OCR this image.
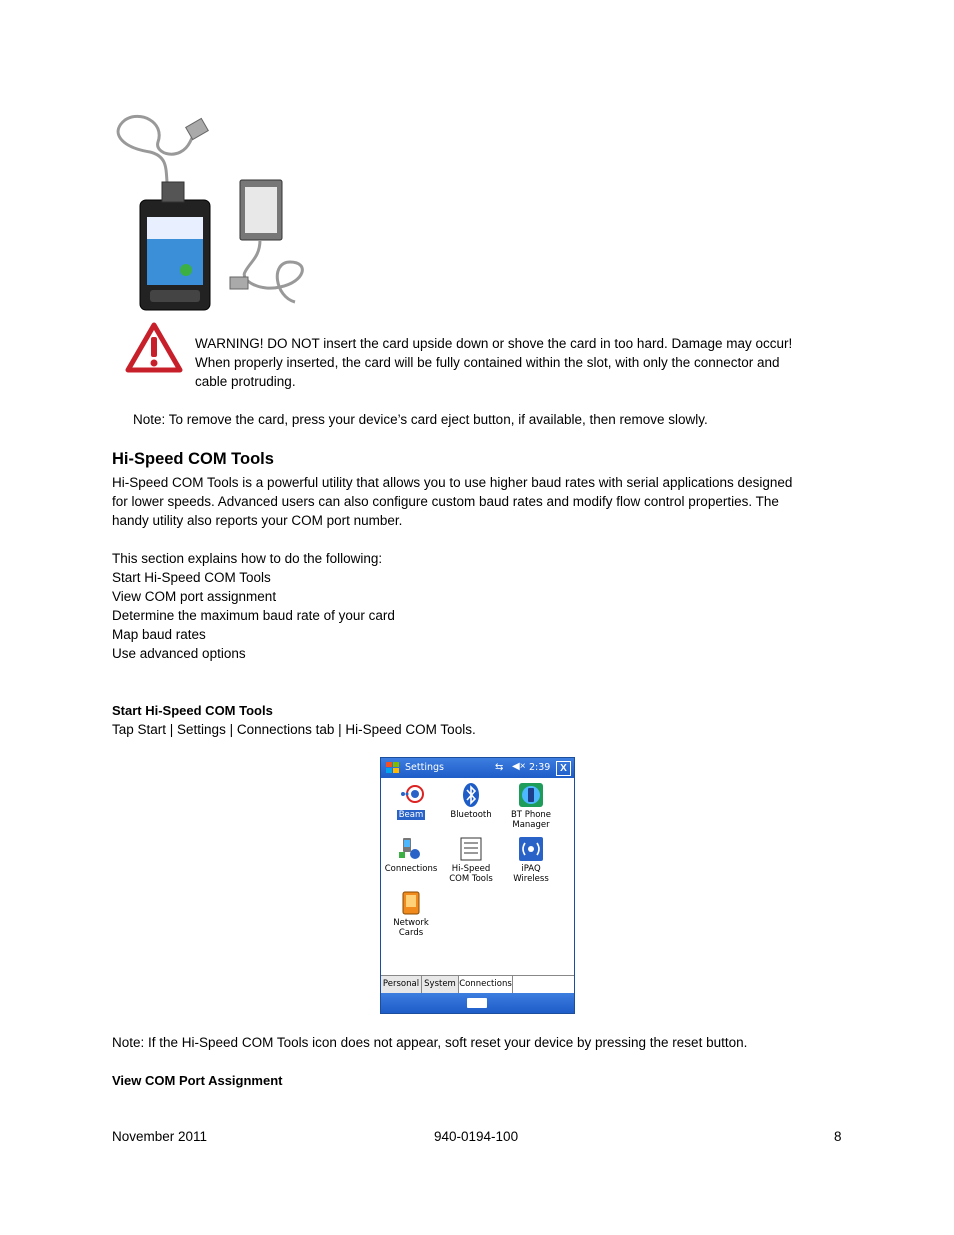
WARNING! DO NOT insert the card upside down or shove the card in too hard. Damage may occur!
When properly inserted, the card will be fully contained within the slot, with only the connector and
cable protruding.
Note: To remove the card, press your device’s card eject button, if available, then remove slowly.
Hi-Speed COM Tools
Hi-Speed COM Tools is a powerful utility that allows you to use higher baud rates with serial applications designed
for lower speeds. Advanced users can also configure custom baud rates and modify flow control properties. The
handy utility also reports your COM port number.
This section explains how to do the following:
Start Hi-Speed COM Tools
View COM port assignment
Determine the maximum baud rate of your card
Map baud rates
Use advanced options
Start Hi-Speed COM Tools
Tap Start | Settings | Connections tab | Hi-Speed COM Tools.
Settings	⇆ ◀× 2:39 X
Beam	Bluetooth	BT Phone
Manager
Connections	Hi-Speed
COM Tools
iPAQ
Wireless
Network
Cards
Personal System Connections
Note: If the Hi-Speed COM Tools icon does not appear, soft reset your device by pressing the reset button.
View COM Port Assignment
November 2011	940-0194-100	8
